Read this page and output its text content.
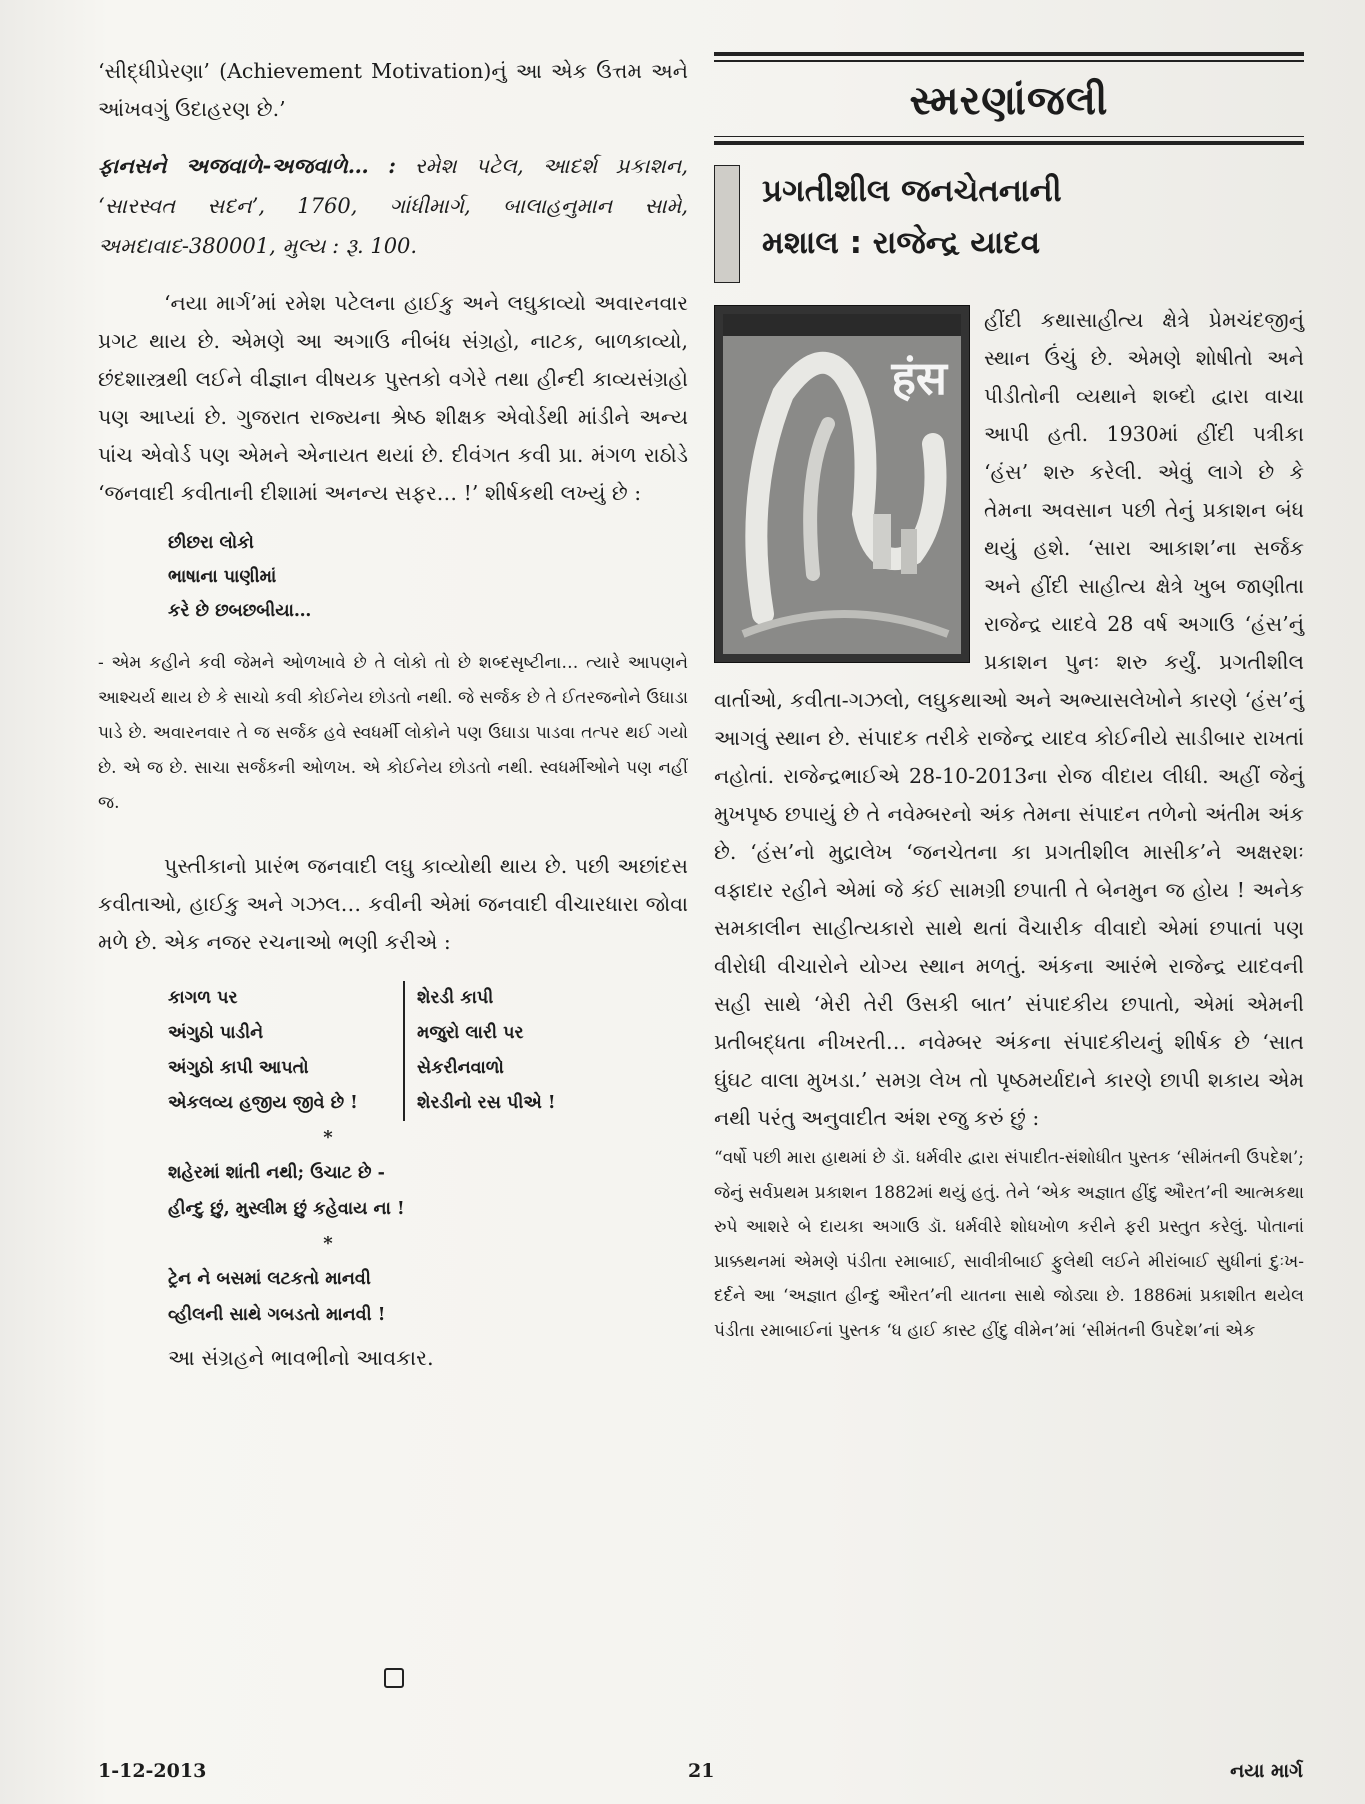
‘સીદ્ધીપ્રેરણા’ (Achievement Motivation)નું આ એક ઉત્તમ અને આંખવગું ઉદાહરણ છે.’

ફાનસને અજવાળે-અજવાળે… : રમેશ પટેલ, આદર્શ પ્રકાશન, ‘સારસ્વત સદન’, 1760, ગાંધીમાર્ગ, બાલાહનુમાન સામે, અમદાવાદ-380001, મુલ્ય : રૂ. 100.

‘નયા માર્ગ’માં રમેશ પટેલના હાઈકુ અને લઘુકાવ્યો અવારનવાર પ્રગટ થાય છે. એમણે આ અગાઉ નીબંધ સંગ્રહો, નાટક, બાળકાવ્યો, છંદશાસ્ત્રથી લઈને વીજ્ઞાન વીષયક પુસ્તકો વગેરે તથા હીન્દી કાવ્યસંગ્રહો પણ આપ્યાં છે. ગુજરાત રાજ્યના શ્રેષ્ઠ શીક્ષક એવોર્ડથી માંડીને અન્ય પાંચ એવોર્ડ પણ એમને એનાયત થયાં છે. દીવંગત કવી પ્રા. મંગળ રાઠોડે ‘જનવાદી કવીતાની દીશામાં અનન્ય સફર… !’ શીર્ષકથી લખ્યું છે :

છીછરા લોકો
ભાષાના પાણીમાં
કરે છે છબછબીયા…

- એમ કહીને કવી જેમને ઓળખાવે છે તે લોકો તો છે શબ્દસૃષ્ટીના… ત્યારે આપણને આશ્ચર્ય થાય છે કે સાચો કવી કોઈનેય છોડતો નથી. જે સર્જક છે તે ઈતરજનોને ઉઘાડા પાડે છે. અવારનવાર તે જ સર્જક હવે સ્વધર્મી લોકોને પણ ઉઘાડા પાડવા તત્પર થઈ ગયો છે. એ જ છે. સાચા સર્જકની ઓળખ. એ કોઈનેય છોડતો નથી. સ્વધર્મીઓને પણ નહીં જ.

પુસ્તીકાનો પ્રારંભ જનવાદી લઘુ કાવ્યોથી થાય છે. પછી અછાંદસ કવીતાઓ, હાઈકુ અને ગઝલ… કવીની એમાં જનવાદી વીચારધારા જોવા મળે છે. એક નજર રચનાઓ ભણી કરીએ :

કાગળ પર
અંગુઠો પાડીને
અંગુઠો કાપી આપતો
એકલવ્ય હજીય જીવે છે !
શેરડી કાપી
મજુરો લારી પર
સેકરીનવાળો
શેરડીનો રસ પીએ !
*
શહેરમાં શાંતી નથી; ઉચાટ છે -
હીન્દુ છું, મુસ્લીમ છું કહેવાય ના !
*
ટ્રેન ને બસમાં લટકતો માનવી
વ્હીલની સાથે ગબડતો માનવી !
આ સંગ્રહને ભાવભીનો આવકાર.
સ્મરણાંજલી
પ્રગતીશીલ જનચેતનાની
મશાલ : રાજેન્દ્ર યાદવ
हंस

હીંદી કથાસાહીત્ય ક્ષેત્રે પ્રેમચંદજીનું સ્થાન ઉંચું છે. એમણે શોષીતો અને પીડીતોની વ્યથાને શબ્દો દ્વારા વાચા આપી હતી. 1930માં હીંદી પત્રીકા ‘હંસ’ શરુ કરેલી. એવું લાગે છે કે તેમના અવસાન પછી તેનું પ્રકાશન બંધ થયું હશે. ‘સારા આકાશ’ના સર્જક અને હીંદી સાહીત્ય ક્ષેત્રે ખુબ જાણીતા રાજેન્દ્ર યાદવે 28 વર્ષ અગાઉ ‘હંસ’નું પ્રકાશન પુનઃ શરુ કર્યું. પ્રગતીશીલ વાર્તાઓ, કવીતા-ગઝલો, લઘુકથાઓ અને અભ્યાસલેખોને કારણે ‘હંસ’નું આગવું સ્થાન છે. સંપાદક તરીકે રાજેન્દ્ર યાદવ કોઈનીયે સાડીબાર રાખતાં નહોતાં. રાજેન્દ્રભાઈએ 28-10-2013ના રોજ વીદાય લીધી. અહીં જેનું મુખપૃષ્ઠ છપાયું છે તે નવેમ્બરનો અંક તેમના સંપાદન તળેનો અંતીમ અંક છે. ‘હંસ’નો મુદ્રાલેખ ‘જનચેતના કા પ્રગતીશીલ માસીક’ને અક્ષરશઃ વફાદાર રહીને એમાં જે કંઈ સામગ્રી છપાતી તે બેનમુન જ હોય ! અનેક સમકાલીન સાહીત્યકારો સાથે થતાં વૈચારીક વીવાદો એમાં છપાતાં પણ વીરોધી વીચારોને યોગ્ય સ્થાન મળતું. અંકના આરંભે રાજેન્દ્ર યાદવની સહી સાથે ‘મેરી તેરી ઉસકી બાત’ સંપાદકીય છપાતો, એમાં એમની પ્રતીબદ્ધતા નીખરતી… નવેમ્બર અંકના સંપાદકીયનું શીર્ષક છે ‘સાત ઘુંઘટ વાલા મુખડા.’ સમગ્ર લેખ તો પૃષ્ઠમર્યાદાને કારણે છાપી શકાય એમ નથી પરંતુ અનુવાદીત અંશ રજુ કરું છું :

“વર્ષો પછી મારા હાથમાં છે ડૉ. ધર્મવીર દ્વારા સંપાદીત-સંશોધીત પુસ્તક ‘સીમંતની ઉપદેશ’; જેનું સર્વપ્રથમ પ્રકાશન 1882માં થયું હતું. તેને ‘એક અજ્ઞાત હીંદુ ઔરત’ની આત્મકથા રુપે આશરે બે દાયકા અગાઉ ડૉ. ધર્મવીરે શોધખોળ કરીને ફરી પ્રસ્તુત કરેલું. પોતાનાં પ્રાક્કથનમાં એમણે પંડીતા રમાબાઈ, સાવીત્રીબાઈ ફુલેથી લઈને મીરાંબાઈ સુધીનાં દુઃખ-દર્દને આ ‘અજ્ઞાત હીન્દુ ઔરત’ની યાતના સાથે જોડ્યા છે. 1886માં પ્રકાશીત થયેલ પંડીતા રમાબાઈનાં પુસ્તક ‘ધ હાઈ કાસ્ટ હીંદુ વીમેન’માં ‘સીમંતની ઉપદેશ’નાં એક

1-12-2013	21	નયા માર્ગ
